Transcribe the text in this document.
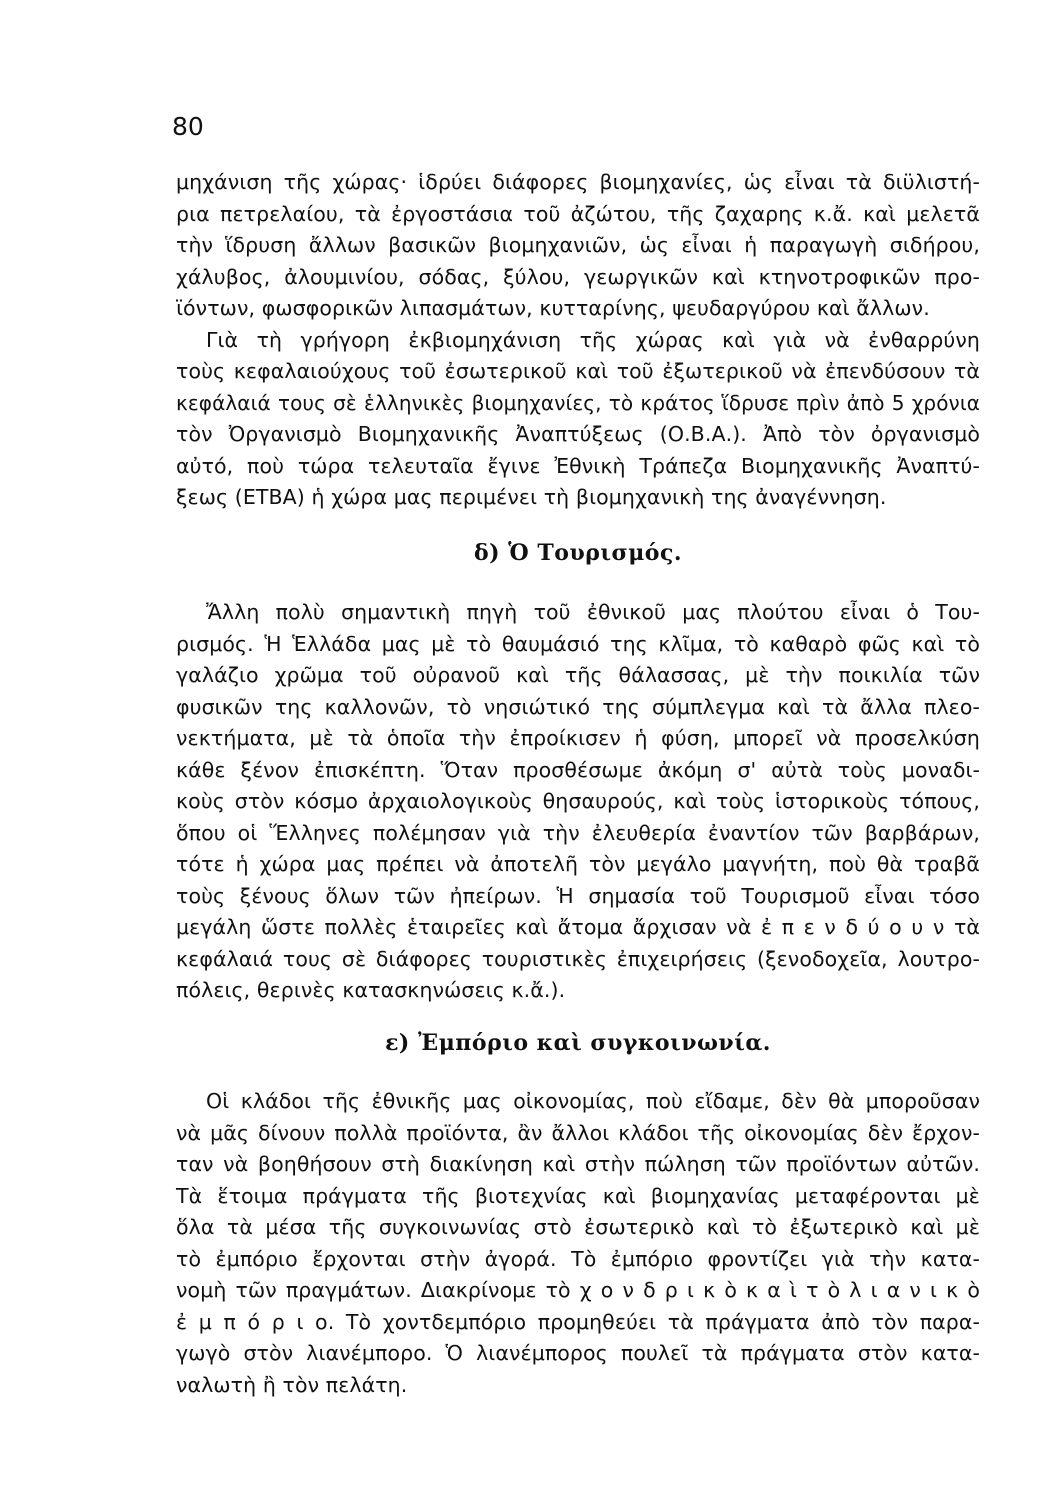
80
μηχάνιση τῆς χώρας· ἱδρύει διάφορες βιομηχανίες, ὡς εἶναι τὰ διϋλιστή-
ρια πετρελαίου, τὰ ἐργοστάσια τοῦ ἀζώτου, τῆς ζαχαρης κ.ἄ. καὶ μελετᾶ
τὴν ἵδρυση ἄλλων βασικῶν βιομηχανιῶν, ὡς εἶναι ἡ παραγωγὴ σιδήρου,
χάλυβος, ἀλουμινίου, σόδας, ξύλου, γεωργικῶν καὶ κτηνοτροφικῶν προ-
ϊόντων, φωσφορικῶν λιπασμάτων, κυτταρίνης, ψευδαργύρου καὶ ἄλλων.
Γιὰ τὴ γρήγορη ἐκβιομηχάνιση τῆς χώρας καὶ γιὰ νὰ ἐνθαρρύνη
τοὺς κεφαλαιούχους τοῦ ἐσωτερικοῦ καὶ τοῦ ἐξωτερικοῦ νὰ ἐπενδύσουν τὰ
κεφάλαιά τους σὲ ἑλληνικὲς βιομηχανίες, τὸ κράτος ἵδρυσε πρὶν ἀπὸ 5 χρόνια
τὸν Ὀργανισμὸ Βιομηχανικῆς Ἀναπτύξεως (Ο.Β.Α.). Ἀπὸ τὸν ὀργανισμὸ
αὐτό, ποὺ τώρα τελευταῖα ἔγινε Ἐθνικὴ Τράπεζα Βιομηχανικῆς Ἀναπτύ-
ξεως (ΕΤΒΑ) ἡ χώρα μας περιμένει τὴ βιομηχανικὴ της ἀναγέννηση.
δ) Ὁ Τουρισμός.
Ἄλλη πολὺ σημαντικὴ πηγὴ τοῦ ἐθνικοῦ μας πλούτου εἶναι ὁ Του-
ρισμός. Ἡ Ἑλλάδα μας μὲ τὸ θαυμάσιό της κλῖμα, τὸ καθαρὸ φῶς καὶ τὸ
γαλάζιο χρῶμα τοῦ οὐρανοῦ καὶ τῆς θάλασσας, μὲ τὴν ποικιλία τῶν
φυσικῶν της καλλονῶν, τὸ νησιώτικό της σύμπλεγμα καὶ τὰ ἄλλα πλεο-
νεκτήματα, μὲ τὰ ὁποῖα τὴν ἐπροίκισεν ἡ φύση, μπορεῖ νὰ προσελκύση
κάθε ξένον ἐπισκέπτη. Ὅταν προσθέσωμε ἀκόμη σ' αὐτὰ τοὺς μοναδι-
κοὺς στὸν κόσμο ἀρχαιολογικοὺς θησαυρούς, καὶ τοὺς ἱστορικοὺς τόπους,
ὅπου οἱ Ἕλληνες πολέμησαν γιὰ τὴν ἐλευθερία ἐναντίον τῶν βαρβάρων,
τότε ἡ χώρα μας πρέπει νὰ ἀποτελῆ τὸν μεγάλο μαγνήτη, ποὺ θὰ τραβᾶ
τοὺς ξένους ὅλων τῶν ἠπείρων. Ἡ σημασία τοῦ Τουρισμοῦ εἶναι τόσο
μεγάλη ὥστε πολλὲς ἑταιρεῖες καὶ ἄτομα ἄρχισαν νὰ ἐ π ε ν δ ύ ο υ ν τὰ
κεφάλαιά τους σὲ διάφορες τουριστικὲς ἐπιχειρήσεις (ξενοδοχεῖα, λουτρο-
πόλεις, θερινὲς κατασκηνώσεις κ.ἄ.).
ε) Ἐμπόριο καὶ συγκοινωνία.
Οἱ κλάδοι τῆς ἐθνικῆς μας οἰκονομίας, ποὺ εἴδαμε, δὲν θὰ μποροῦσαν
νὰ μᾶς δίνουν πολλὰ προϊόντα, ἂν ἄλλοι κλάδοι τῆς οἰκονομίας δὲν ἔρχον-
ταν νὰ βοηθήσουν στὴ διακίνηση καὶ στὴν πώληση τῶν προϊόντων αὐτῶν.
Τὰ ἕτοιμα πράγματα τῆς βιοτεχνίας καὶ βιομηχανίας μεταφέρονται μὲ
ὅλα τὰ μέσα τῆς συγκοινωνίας στὸ ἐσωτερικὸ καὶ τὸ ἐξωτερικὸ καὶ μὲ
τὸ ἐμπόριο ἔρχονται στὴν ἀγορά. Τὸ ἐμπόριο φροντίζει γιὰ τὴν κατα-
νομὴ τῶν πραγμάτων. Διακρίνομε τὸ χ ο ν δ ρ ι κ ὸ κ α ὶ τ ὸ λ ι α ν ι κ ὸ
ἐ μ π ό ρ ι ο. Τὸ χοντδεμπόριο προμηθεύει τὰ πράγματα ἀπὸ τὸν παρα-
γωγὸ στὸν λιανέμπορο. Ὁ λιανέμπορος πουλεῖ τὰ πράγματα στὸν κατα-
ναλωτὴ ἢ τὸν πελάτη.
